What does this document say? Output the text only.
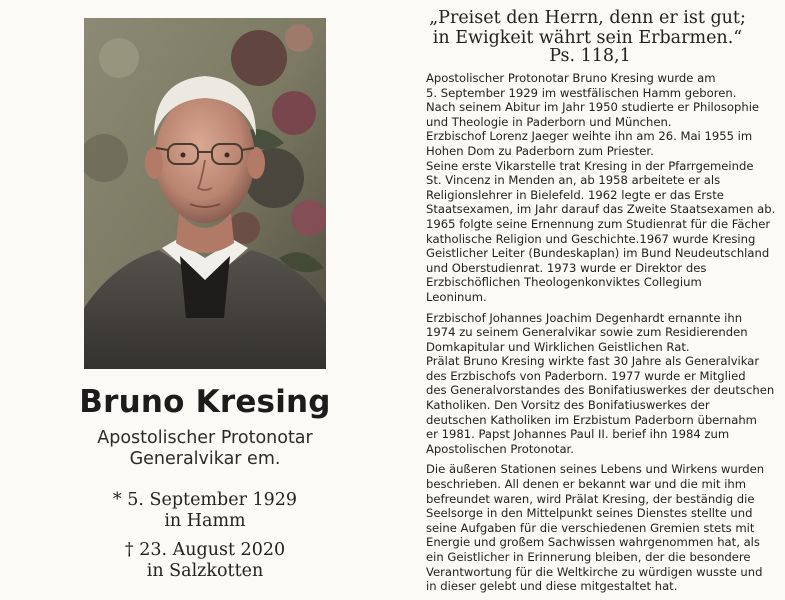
Bruno Kresing
Apostolischer Protonotar
Generalvikar em.
* 5. September 1929
in Hamm
† 23. August 2020
in Salzkotten
„Preiset den Herrn, denn er ist gut;
in Ewigkeit währt sein Erbarmen.“
Ps. 118,1

Apostolischer Protonotar Bruno Kresing wurde am

5. September 1929 im westfälischen Hamm geboren.

Nach seinem Abitur im Jahr 1950 studierte er Philosophie

und Theologie in Paderborn und München.

Erzbischof Lorenz Jaeger weihte ihn am 26. Mai 1955 im

Hohen Dom zu Paderborn zum Priester.

Seine erste Vikarstelle trat Kresing in der Pfarrgemeinde

St. Vincenz in Menden an, ab 1958 arbeitete er als

Religionslehrer in Bielefeld. 1962 legte er das Erste

Staatsexamen, im Jahr darauf das Zweite Staatsexamen ab.

1965 folgte seine Ernennung zum Studienrat für die Fächer

katholische Religion und Geschichte.1967 wurde Kresing

Geistlicher Leiter (Bundeskaplan) im Bund Neudeutschland

und Oberstudienrat. 1973 wurde er Direktor des

Erzbischöflichen Theologenkonviktes Collegium

Leoninum.

Erzbischof Johannes Joachim Degenhardt ernannte ihn

1974 zu seinem Generalvikar sowie zum Residierenden

Domkapitular und Wirklichen Geistlichen Rat.

Prälat Bruno Kresing wirkte fast 30 Jahre als Generalvikar

des Erzbischofs von Paderborn. 1977 wurde er Mitglied

des Generalvorstandes des Bonifatiuswerkes der deutschen

Katholiken. Den Vorsitz des Bonifatiuswerkes der

deutschen Katholiken im Erzbistum Paderborn übernahm

er 1981. Papst Johannes Paul II. berief ihn 1984 zum

Apostolischen Protonotar.

Die äußeren Stationen seines Lebens und Wirkens wurden

beschrieben. All denen er bekannt war und die mit ihm

befreundet waren, wird Prälat Kresing, der beständig die

Seelsorge in den Mittelpunkt seines Dienstes stellte und

seine Aufgaben für die verschiedenen Gremien stets mit

Energie und großem Sachwissen wahrgenommen hat, als

ein Geistlicher in Erinnerung bleiben, der die besondere

Verantwortung für die Weltkirche zu würdigen wusste und

in dieser gelebt und diese mitgestaltet hat.
